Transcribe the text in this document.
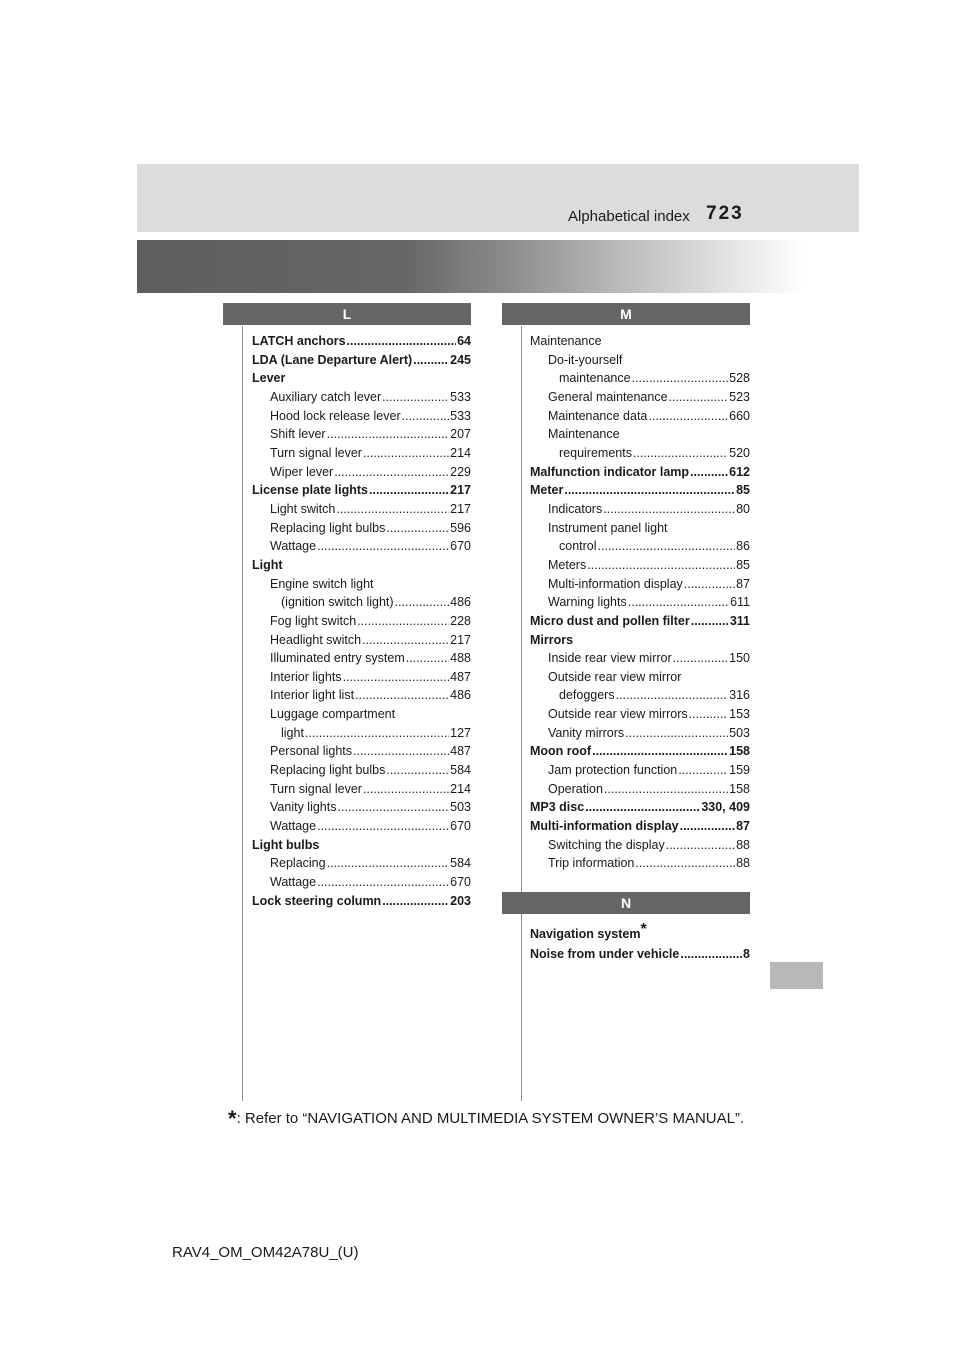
Alphabetical index 723
L
LATCH anchors .....	64
LDA (Lane Departure Alert) .....	245
Lever
Auxiliary catch lever .....	533
Hood lock release lever .....	533
Shift lever .....	207
Turn signal lever .....	214
Wiper lever .....	229
License plate lights .....	217
Light switch .....	217
Replacing light bulbs .....	596
Wattage .....	670
Light
Engine switch light
(ignition switch light) .....	486
Fog light switch .....	228
Headlight switch .....	217
Illuminated entry system .....	488
Interior lights .....	487
Interior light list .....	486
Luggage compartment
light .....	127
Personal lights .....	487
Replacing light bulbs .....	584
Turn signal lever .....	214
Vanity lights .....	503
Wattage .....	670
Light bulbs
Replacing .....	584
Wattage .....	670
Lock steering column .....	203
M
Maintenance
Do-it-yourself
maintenance .....	528
General maintenance .....	523
Maintenance data .....	660
Maintenance
requirements .....	520
Malfunction indicator lamp .....	612
Meter .....	85
Indicators .....	80
Instrument panel light
control .....	86
Meters .....	85
Multi-information display .....	87
Warning lights .....	611
Micro dust and pollen filter .....	311
Mirrors
Inside rear view mirror .....	150
Outside rear view mirror
defoggers .....	316
Outside rear view mirrors .....	153
Vanity mirrors .....	503
Moon roof .....	158
Jam protection function .....	159
Operation .....	158
MP3 disc .....	330, 409
Multi-information display .....	87
Switching the display .....	88
Trip information .....	88
N
Navigation system*
Noise from under vehicle .....	8
*: Refer to “NAVIGATION AND MULTIMEDIA SYSTEM OWNER’S MANUAL”.
RAV4_OM_OM42A78U_(U)
